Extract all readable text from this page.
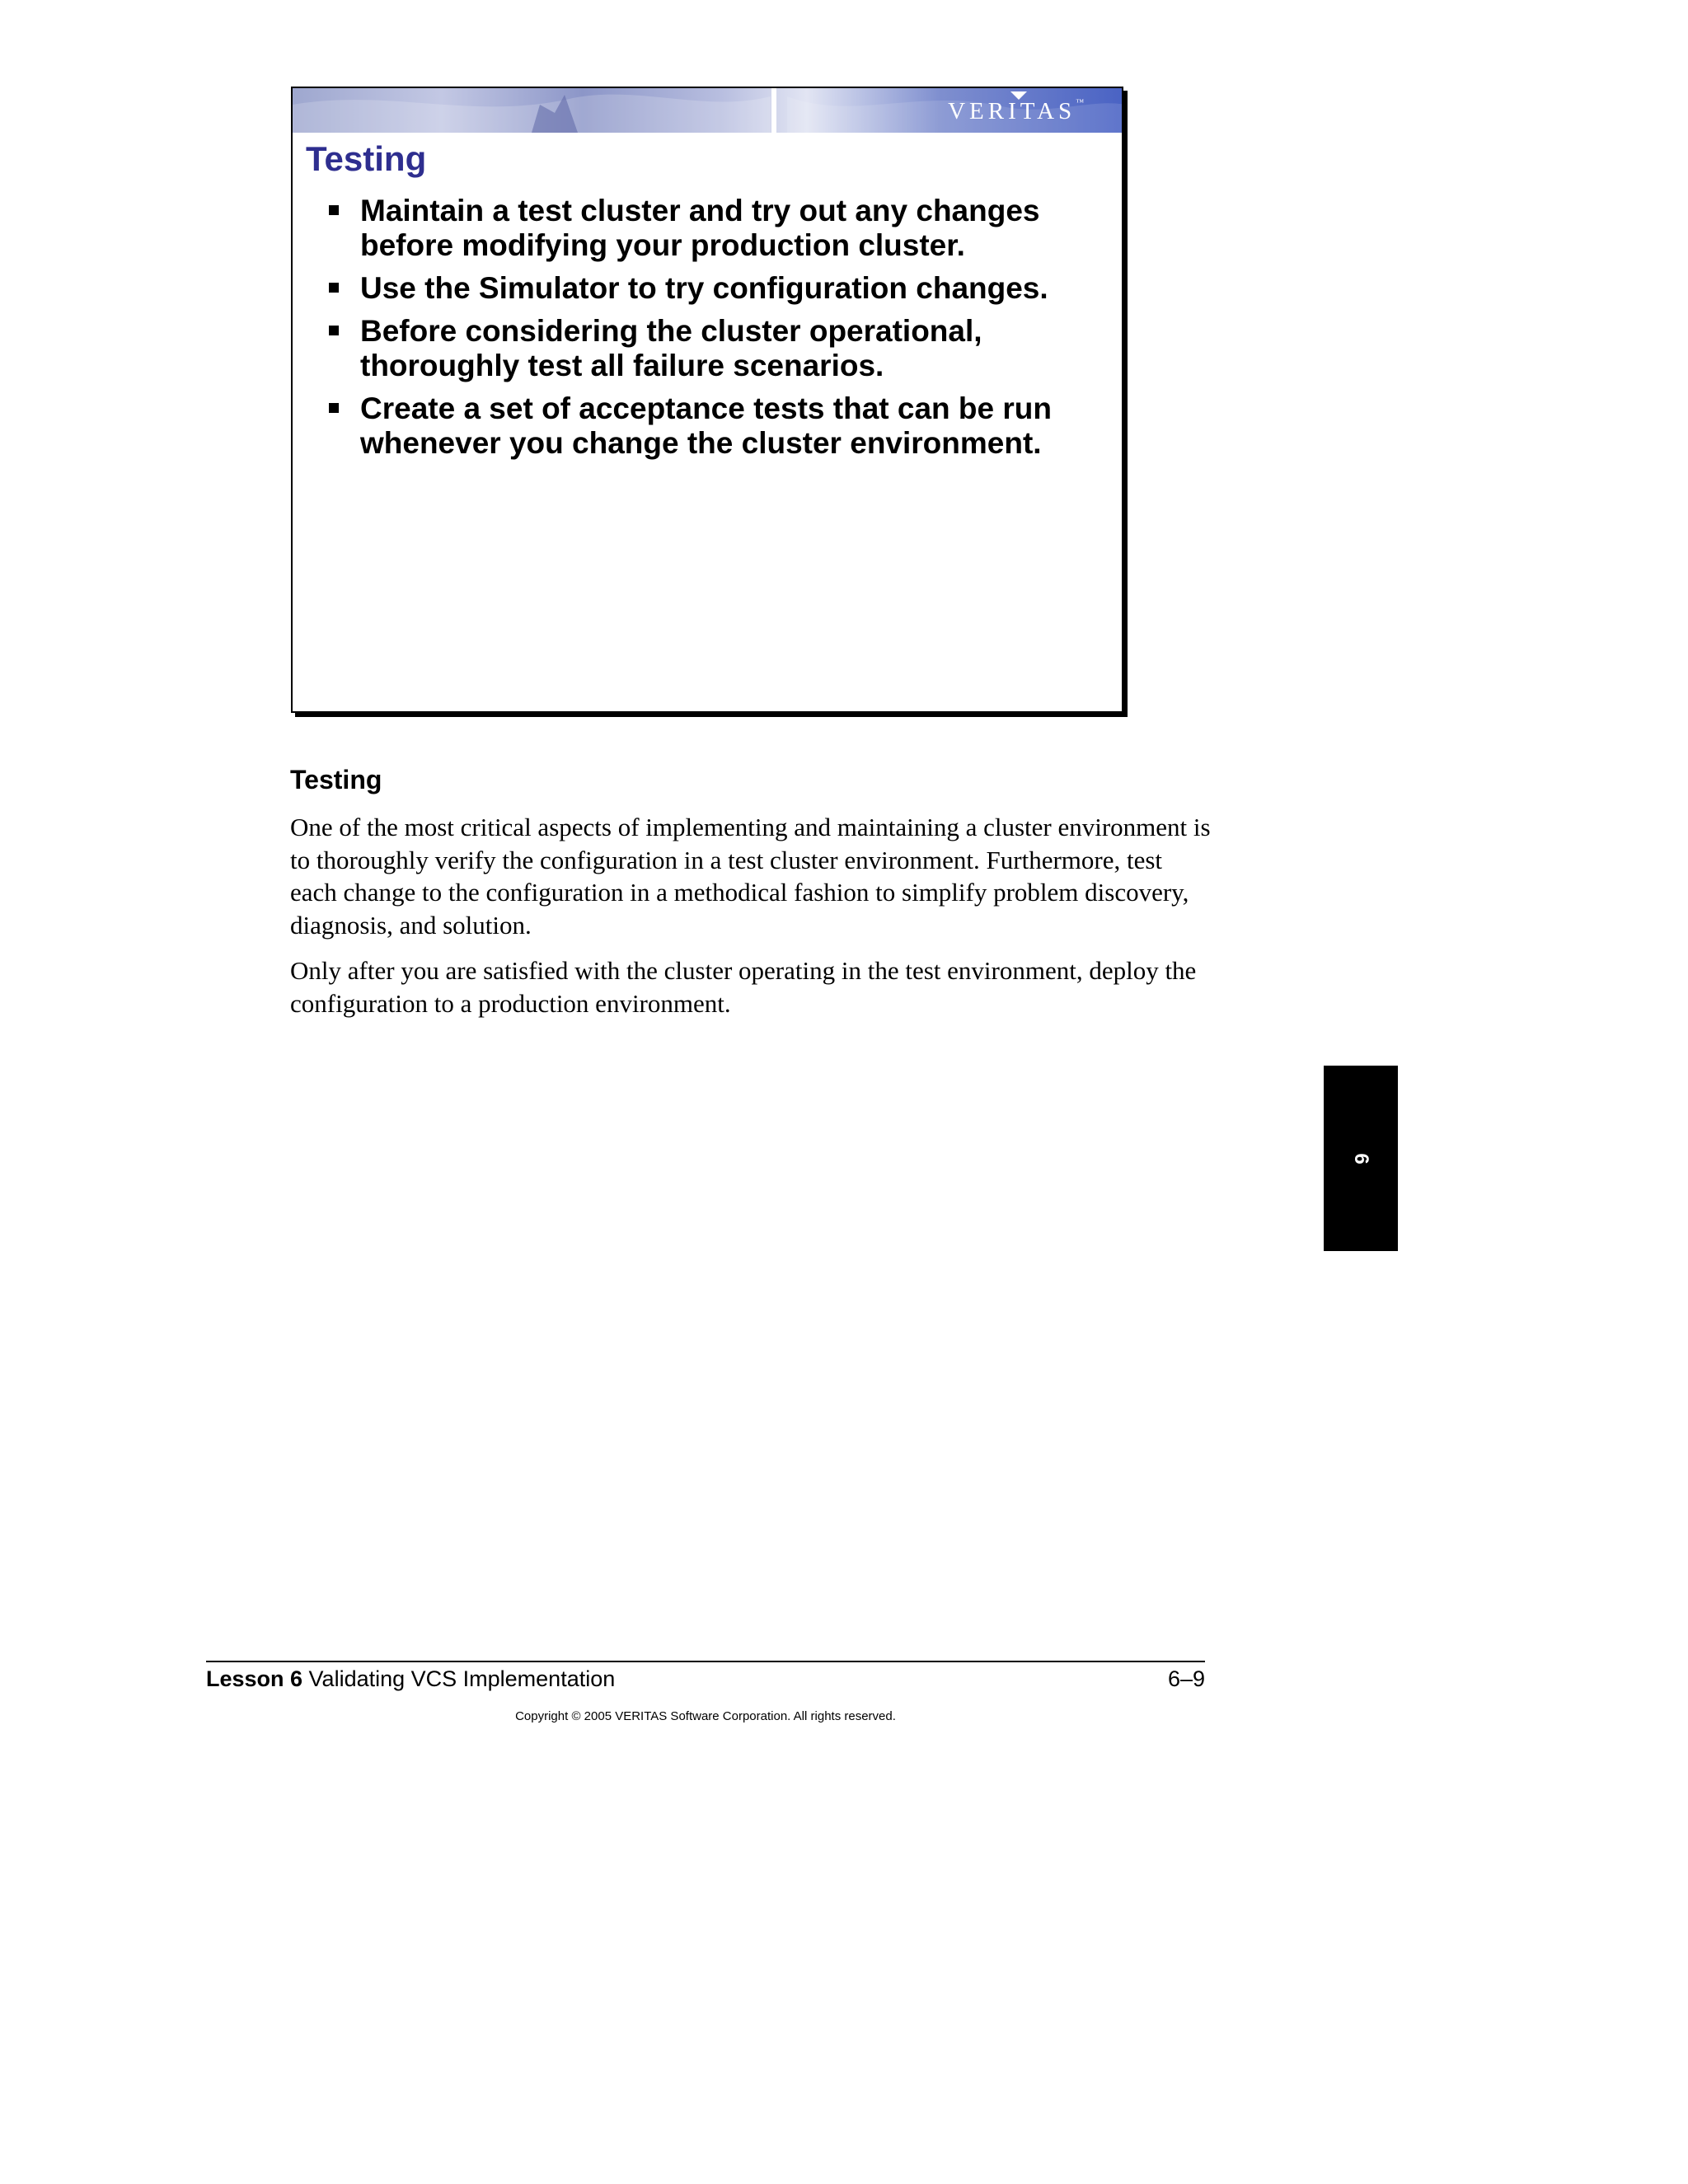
VERITAS™
Testing
Maintain a test cluster and try out any changes before modifying your production cluster.
Use the Simulator to try configuration changes.
Before considering the cluster operational, thoroughly test all failure scenarios.
Create a set of acceptance tests that can be run whenever you change the cluster environment.
Testing

One of the most critical aspects of implementing and maintaining a cluster environment is to thoroughly verify the configuration in a test cluster environment. Furthermore, test each change to the configuration in a methodical fashion to simplify problem discovery, diagnosis, and solution.

Only after you are satisfied with the cluster operating in the test environment, deploy the configuration to a production environment.

6
Lesson 6 Validating VCS Implementation	6–9
Copyright © 2005 VERITAS Software Corporation. All rights reserved.
